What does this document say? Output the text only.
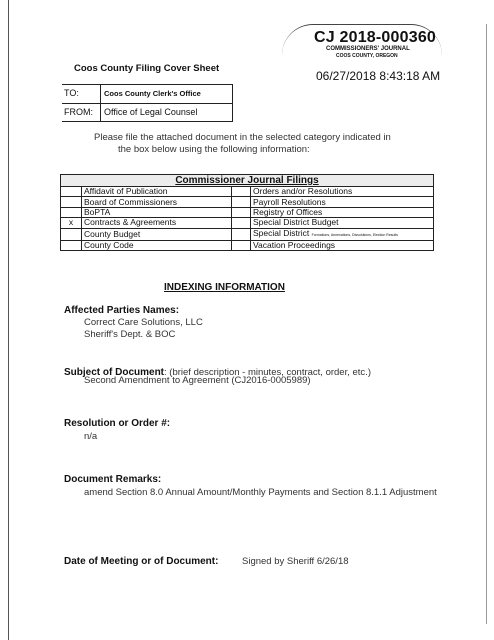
CJ 2018-000360
COMMISSIONERS' JOURNAL
COOS COUNTY, OREGON
06/27/2018 8:43:18 AM
Coos County Filing Cover Sheet
TO:	Coos County Clerk's Office
FROM: Office of Legal Counsel
Please file the attached document in the selected category indicated in
the box below using the following information:
Commissioner Journal Filings			
	Affidavit of Publication		Orders and/or Resolutions
	Board of Commissioners		Payroll Resolutions
	BoPTA		Registry of Offices
x	Contracts & Agreements		Special District Budget
	County Budget		Special District Formations, Annexations, Dissolutions, Election Results
	County Code		Vacation Proceedings
INDEXING INFORMATION
Affected Parties Names:
Correct Care Solutions, LLC
Sheriff's Dept. & BOC
Subject of Document: (brief description - minutes, contract, order, etc.)
Second Amendment to Agreement (CJ2016-0005989)
Resolution or Order #:
n/a
Document Remarks:
amend Section 8.0 Annual Amount/Monthly Payments and Section 8.1.1 Adjustment
Date of Meeting or of Document: Signed by Sheriff 6/26/18
